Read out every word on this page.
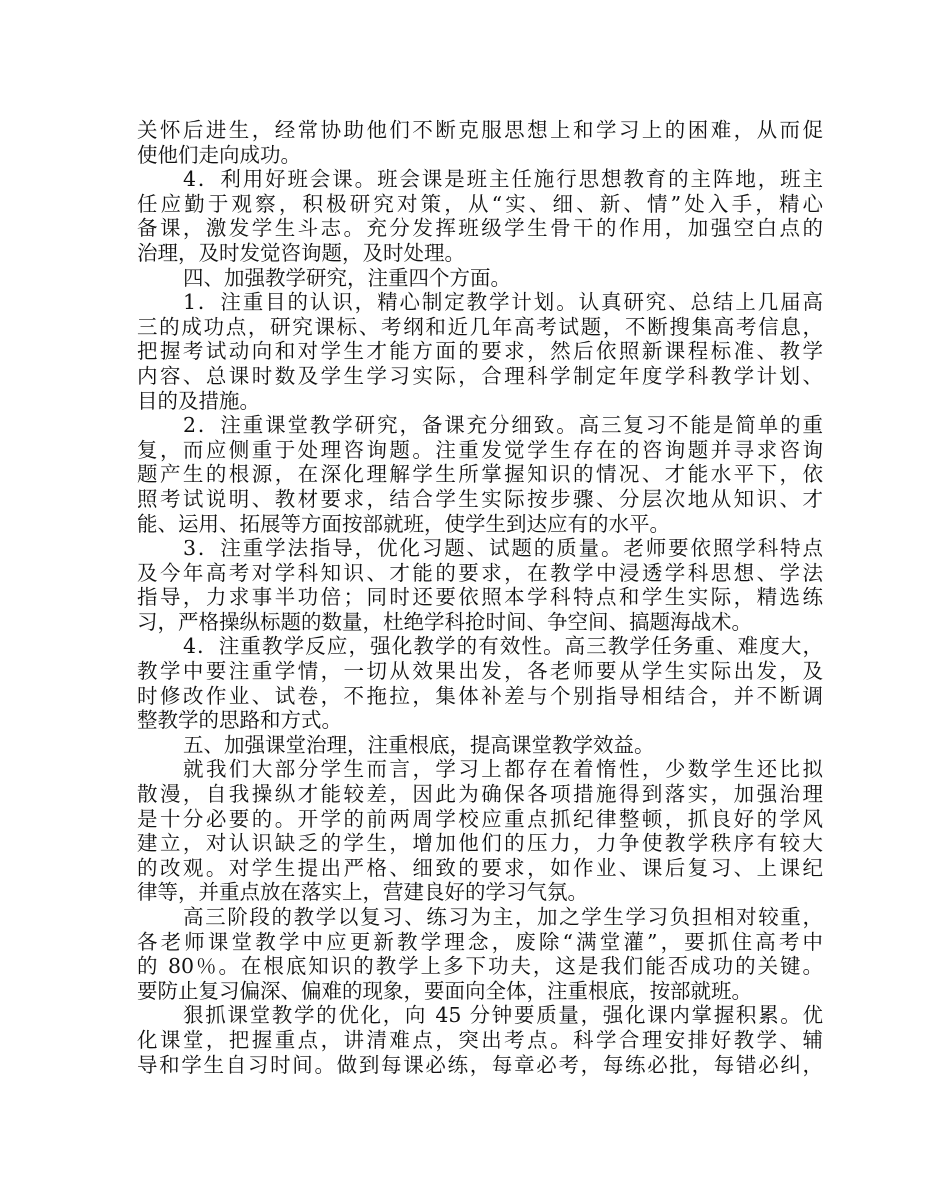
关怀后进生，经常协助他们不断克服思想上和学习上的困难，从而促
使他们走向成功。
4．利用好班会课。班会课是班主任施行思想教育的主阵地，班主
任应勤于观察，积极研究对策，从“实、细、新、情”处入手，精心
备课，激发学生斗志。充分发挥班级学生骨干的作用，加强空白点的
治理，及时发觉咨询题，及时处理。
四、加强教学研究，注重四个方面。
1．注重目的认识，精心制定教学计划。认真研究、总结上几届高
三的成功点，研究课标、考纲和近几年高考试题，不断搜集高考信息，
把握考试动向和对学生才能方面的要求，然后依照新课程标准、教学
内容、总课时数及学生学习实际，合理科学制定年度学科教学计划、
目的及措施。
2．注重课堂教学研究，备课充分细致。高三复习不能是简单的重
复，而应侧重于处理咨询题。注重发觉学生存在的咨询题并寻求咨询
题产生的根源，在深化理解学生所掌握知识的情况、才能水平下，依
照考试说明、教材要求，结合学生实际按步骤、分层次地从知识、才
能、运用、拓展等方面按部就班，使学生到达应有的水平。
3．注重学法指导，优化习题、试题的质量。老师要依照学科特点
及今年高考对学科知识、才能的要求，在教学中浸透学科思想、学法
指导，力求事半功倍；同时还要依照本学科特点和学生实际，精选练
习，严格操纵标题的数量，杜绝学科抢时间、争空间、搞题海战术。
4．注重教学反应，强化教学的有效性。高三教学任务重、难度大，
教学中要注重学情，一切从效果出发，各老师要从学生实际出发，及
时修改作业、试卷，不拖拉，集体补差与个别指导相结合，并不断调
整教学的思路和方式。
五、加强课堂治理，注重根底，提高课堂教学效益。
就我们大部分学生而言，学习上都存在着惰性，少数学生还比拟
散漫，自我操纵才能较差，因此为确保各项措施得到落实，加强治理
是十分必要的。开学的前两周学校应重点抓纪律整顿，抓良好的学风
建立，对认识缺乏的学生，增加他们的压力，力争使教学秩序有较大
的改观。对学生提出严格、细致的要求，如作业、课后复习、上课纪
律等，并重点放在落实上，营建良好的学习气氛。
高三阶段的教学以复习、练习为主，加之学生学习负担相对较重，
各老师课堂教学中应更新教学理念，废除“满堂灌”，要抓住高考中
的 80％。在根底知识的教学上多下功夫，这是我们能否成功的关键。
要防止复习偏深、偏难的现象，要面向全体，注重根底，按部就班。
狠抓课堂教学的优化，向 45 分钟要质量，强化课内掌握积累。优
化课堂，把握重点，讲清难点，突出考点。科学合理安排好教学、辅
导和学生自习时间。做到每课必练，每章必考，每练必批，每错必纠，
